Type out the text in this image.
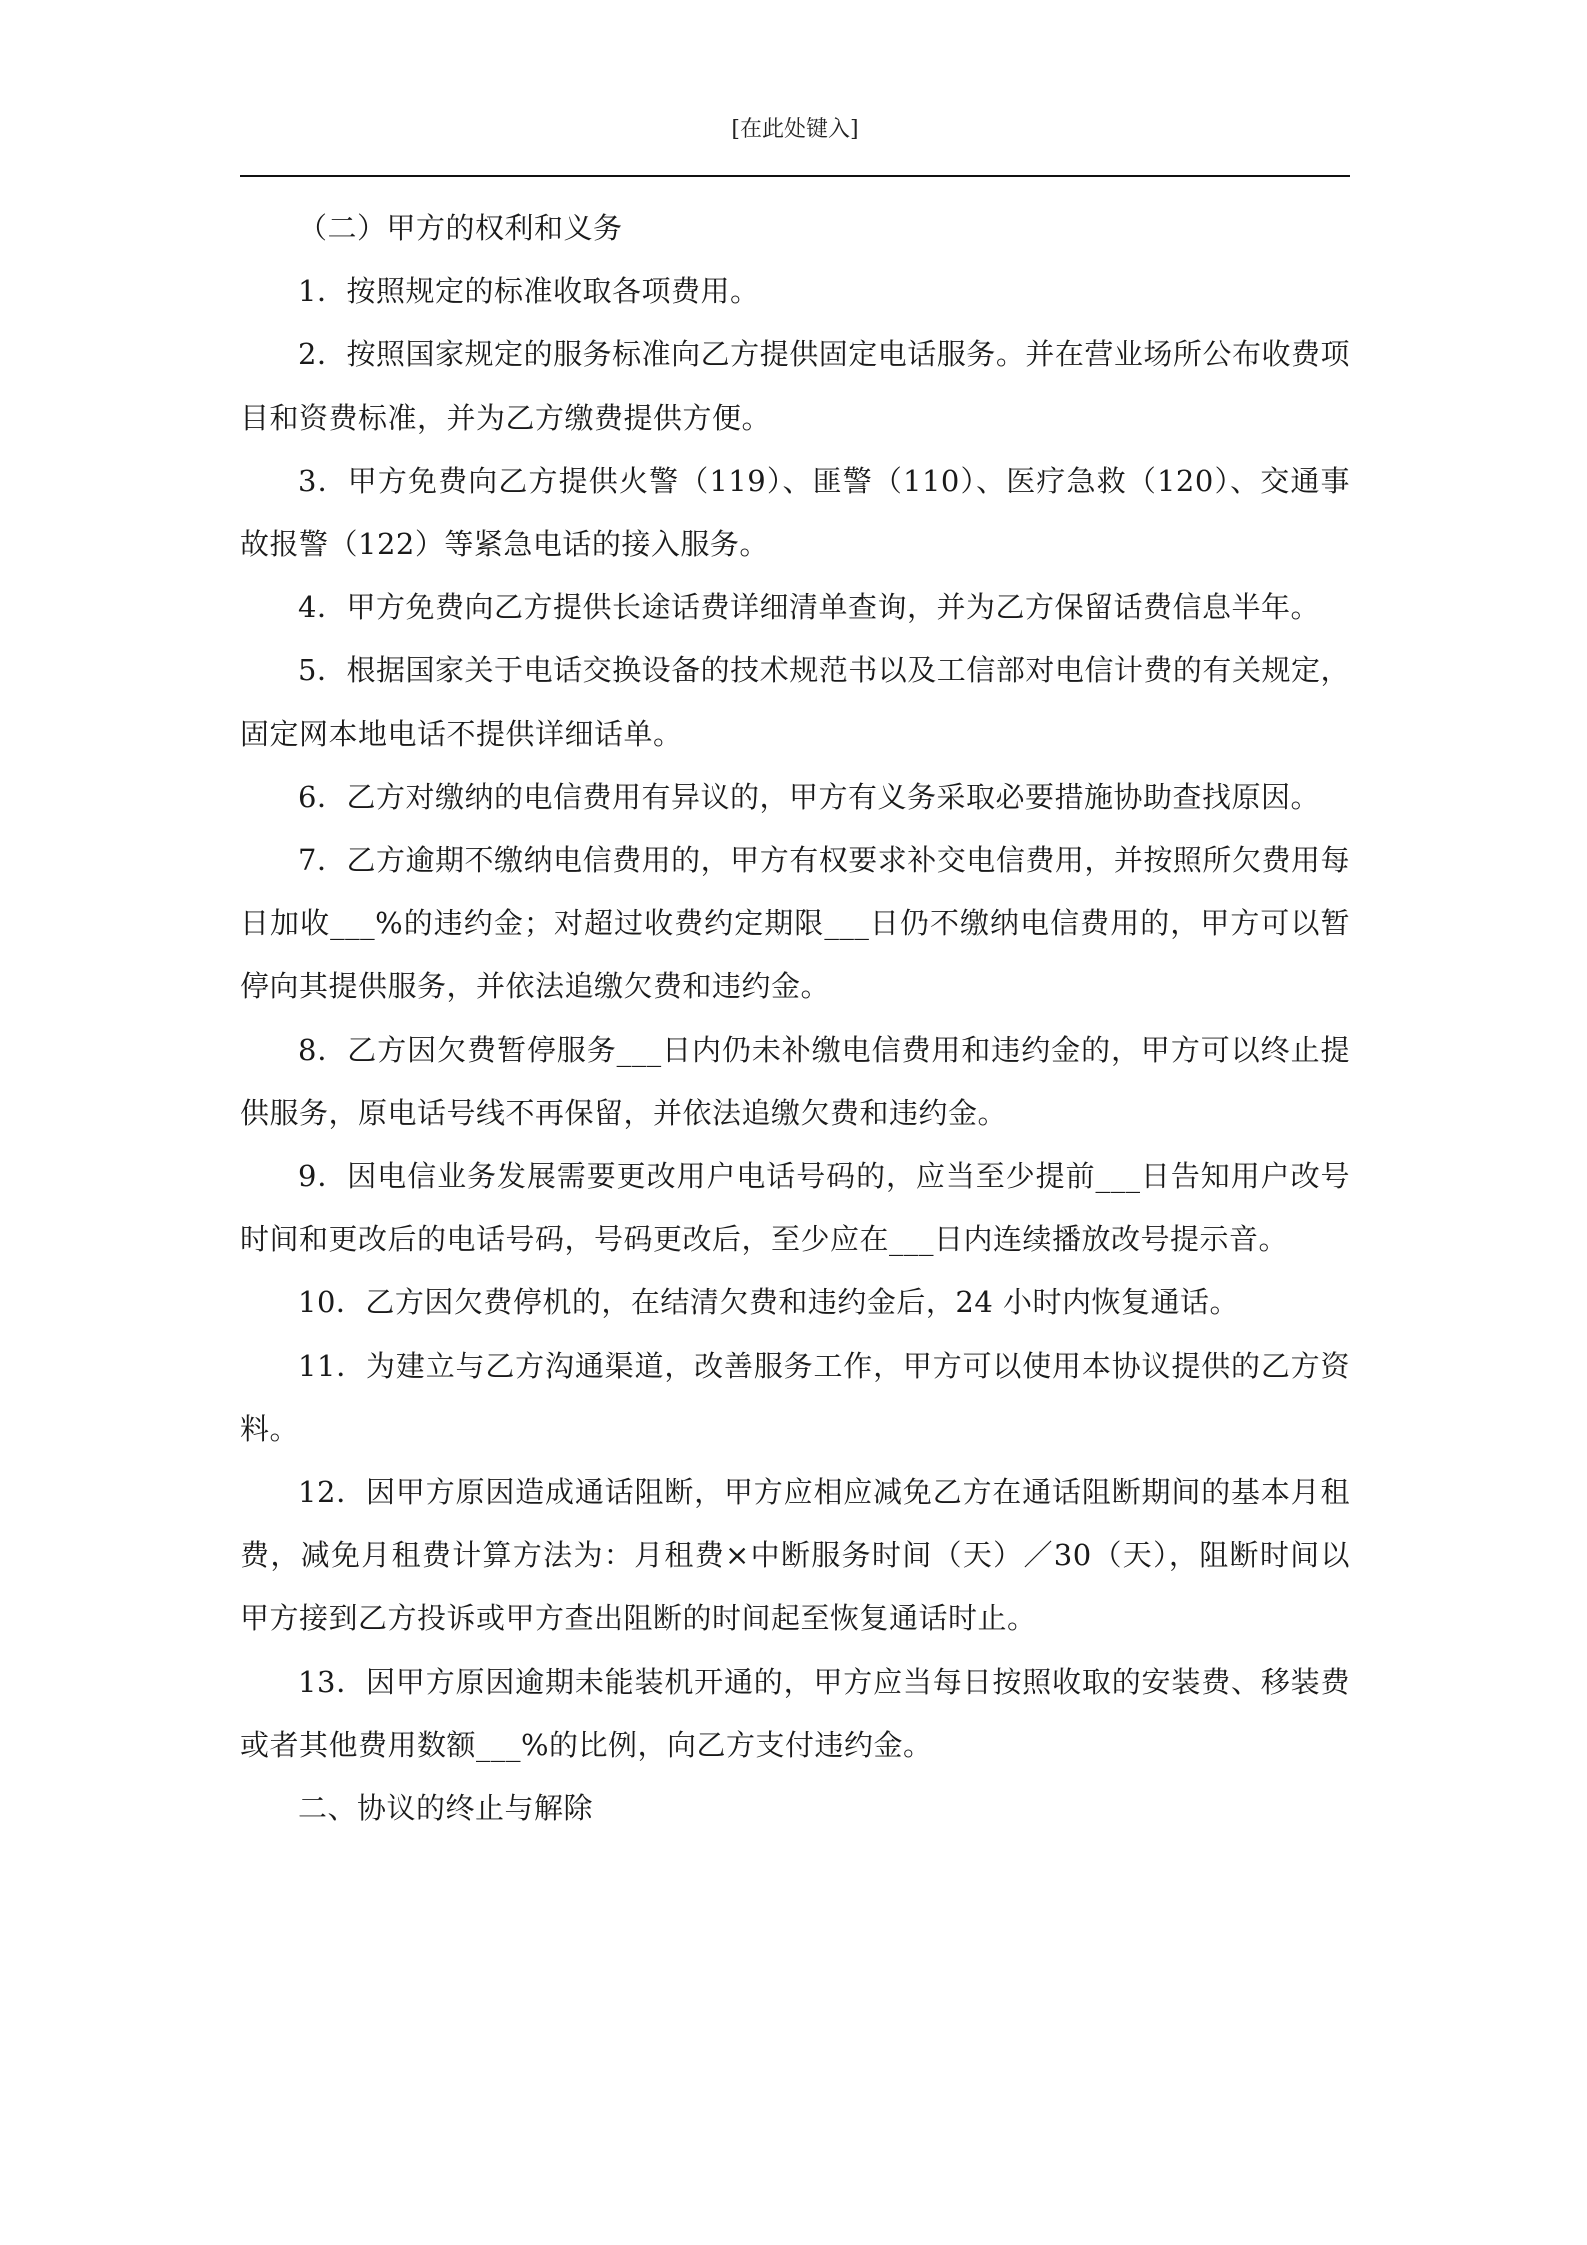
[在此处键入]

（二）甲方的权利和义务

1．按照规定的标准收取各项费用。

2．按照国家规定的服务标准向乙方提供固定电话服务。并在营业场所公布收费项目和资费标准，并为乙方缴费提供方便。

3．甲方免费向乙方提供火警（119）、匪警（110）、医疗急救（120）、交通事故报警（122）等紧急电话的接入服务。

4．甲方免费向乙方提供长途话费详细清单查询，并为乙方保留话费信息半年。

5．根据国家关于电话交换设备的技术规范书以及工信部对电信计费的有关规定，固定网本地电话不提供详细话单。

6．乙方对缴纳的电信费用有异议的，甲方有义务采取必要措施协助查找原因。

7．乙方逾期不缴纳电信费用的，甲方有权要求补交电信费用，并按照所欠费用每日加收___%的违约金；对超过收费约定期限___日仍不缴纳电信费用的，甲方可以暂停向其提供服务，并依法追缴欠费和违约金。

8．乙方因欠费暂停服务___日内仍未补缴电信费用和违约金的，甲方可以终止提供服务，原电话号线不再保留，并依法追缴欠费和违约金。

9．因电信业务发展需要更改用户电话号码的，应当至少提前___日告知用户改号时间和更改后的电话号码，号码更改后，至少应在___日内连续播放改号提示音。

10．乙方因欠费停机的，在结清欠费和违约金后，24 小时内恢复通话。

11．为建立与乙方沟通渠道，改善服务工作，甲方可以使用本协议提供的乙方资料。

12．因甲方原因造成通话阻断，甲方应相应减免乙方在通话阻断期间的基本月租费，减免月租费计算方法为：月租费×中断服务时间（天）／30（天），阻断时间以甲方接到乙方投诉或甲方查出阻断的时间起至恢复通话时止。

13．因甲方原因逾期未能装机开通的，甲方应当每日按照收取的安装费、移装费或者其他费用数额___%的比例，向乙方支付违约金。

二、协议的终止与解除
